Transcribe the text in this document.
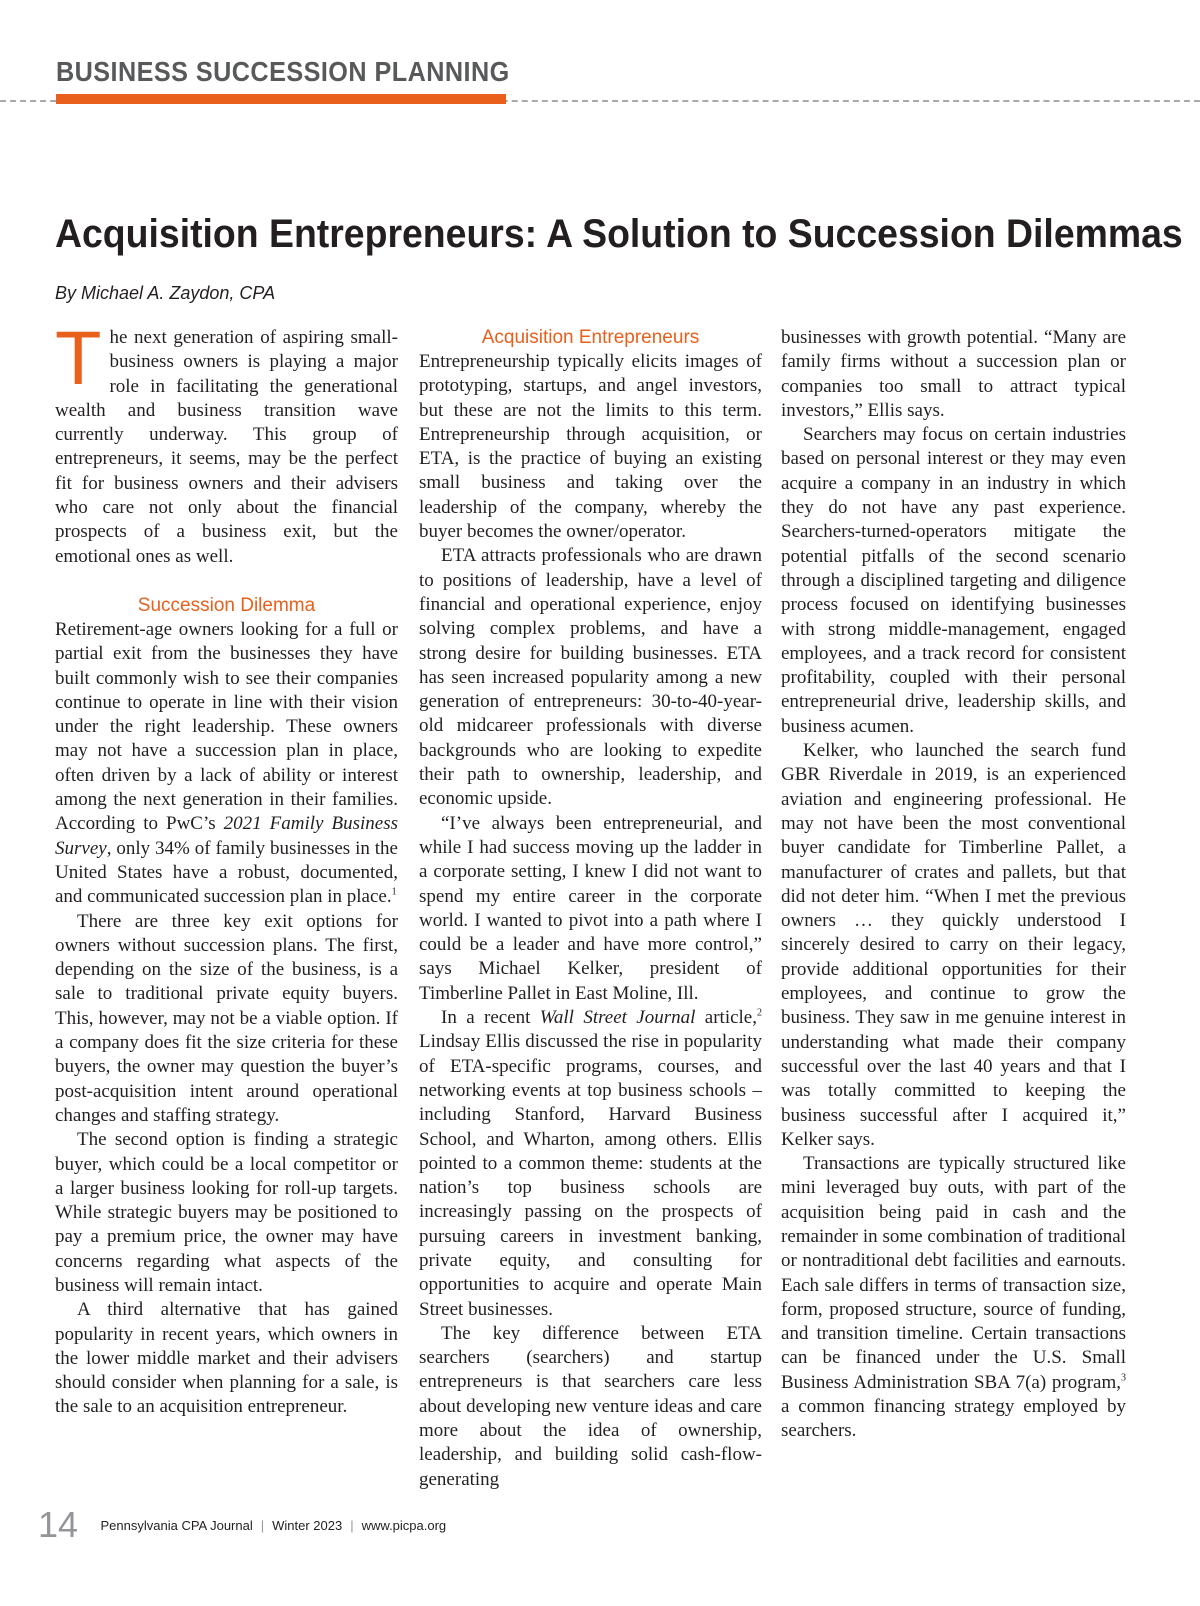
BUSINESS SUCCESSION PLANNING
Acquisition Entrepreneurs: A Solution to Succession Dilemmas
By Michael A. Zaydon, CPA

The next generation of aspiring small-business owners is playing a major role in facilitating the generational wealth and business transition wave currently underway. This group of entrepreneurs, it seems, may be the perfect fit for business owners and their advisers who care not only about the financial prospects of a business exit, but the emotional ones as well.

Succession Dilemma

Retirement-age owners looking for a full or partial exit from the businesses they have built commonly wish to see their companies continue to operate in line with their vision under the right leadership. These owners may not have a succession plan in place, often driven by a lack of ability or interest among the next generation in their families. According to PwC’s 2021 Family Business Survey, only 34% of family businesses in the United States have a robust, documented, and communicated succession plan in place.$^1$

There are three key exit options for owners without succession plans. The first, depending on the size of the business, is a sale to traditional private equity buyers. This, however, may not be a viable option. If a company does fit the size criteria for these buyers, the owner may question the buyer’s post-acquisition intent around operational changes and staffing strategy.

The second option is finding a strategic buyer, which could be a local competitor or a larger business looking for roll-up targets. While strategic buyers may be positioned to pay a premium price, the owner may have concerns regarding what aspects of the business will remain intact.

A third alternative that has gained popularity in recent years, which owners in the lower middle market and their advisers should consider when planning for a sale, is the sale to an acquisition entrepreneur.

Acquisition Entrepreneurs

Entrepreneurship typically elicits images of prototyping, startups, and angel investors, but these are not the limits to this term. Entrepreneurship through acquisition, or ETA, is the practice of buying an existing small business and taking over the leadership of the company, whereby the buyer becomes the owner/operator.

ETA attracts professionals who are drawn to positions of leadership, have a level of financial and operational experience, enjoy solving complex problems, and have a strong desire for building businesses. ETA has seen increased popularity among a new generation of entrepreneurs: 30-to-40-year-old midcareer professionals with diverse backgrounds who are looking to expedite their path to ownership, leadership, and economic upside.

“I’ve always been entrepreneurial, and while I had success moving up the ladder in a corporate setting, I knew I did not want to spend my entire career in the corporate world. I wanted to pivot into a path where I could be a leader and have more control,” says Michael Kelker, president of Timberline Pallet in East Moline, Ill.

In a recent Wall Street Journal article,$^2$ Lindsay Ellis discussed the rise in popularity of ETA-specific programs, courses, and networking events at top business schools – including Stanford, Harvard Business School, and Wharton, among others. Ellis pointed to a common theme: students at the nation’s top business schools are increasingly passing on the prospects of pursuing careers in investment banking, private equity, and consulting for opportunities to acquire and operate Main Street businesses.

The key difference between ETA searchers (searchers) and startup entrepreneurs is that searchers care less about developing new venture ideas and care more about the idea of ownership, leadership, and building solid cash-flow-generating

businesses with growth potential. “Many are family firms without a succession plan or companies too small to attract typical investors,” Ellis says.

Searchers may focus on certain industries based on personal interest or they may even acquire a company in an industry in which they do not have any past experience. Searchers-turned-operators mitigate the potential pitfalls of the second scenario through a disciplined targeting and diligence process focused on identifying businesses with strong middle-management, engaged employees, and a track record for consistent profitability, coupled with their personal entrepreneurial drive, leadership skills, and business acumen.

Kelker, who launched the search fund GBR Riverdale in 2019, is an experienced aviation and engineering professional. He may not have been the most conventional buyer candidate for Timberline Pallet, a manufacturer of crates and pallets, but that did not deter him. “When I met the previous owners … they quickly understood I sincerely desired to carry on their legacy, provide additional opportunities for their employees, and continue to grow the business. They saw in me genuine interest in understanding what made their company successful over the last 40 years and that I was totally committed to keeping the business successful after I acquired it,” Kelker says.

Transactions are typically structured like mini leveraged buy outs, with part of the acquisition being paid in cash and the remainder in some combination of traditional or nontraditional debt facilities and earnouts. Each sale differs in terms of transaction size, form, proposed structure, source of funding, and transition timeline. Certain transactions can be financed under the U.S. Small Business Administration SBA 7(a) program,$^3$ a common financing strategy employed by searchers.

14 Pennsylvania CPA Journal | Winter 2023 | www.picpa.org
